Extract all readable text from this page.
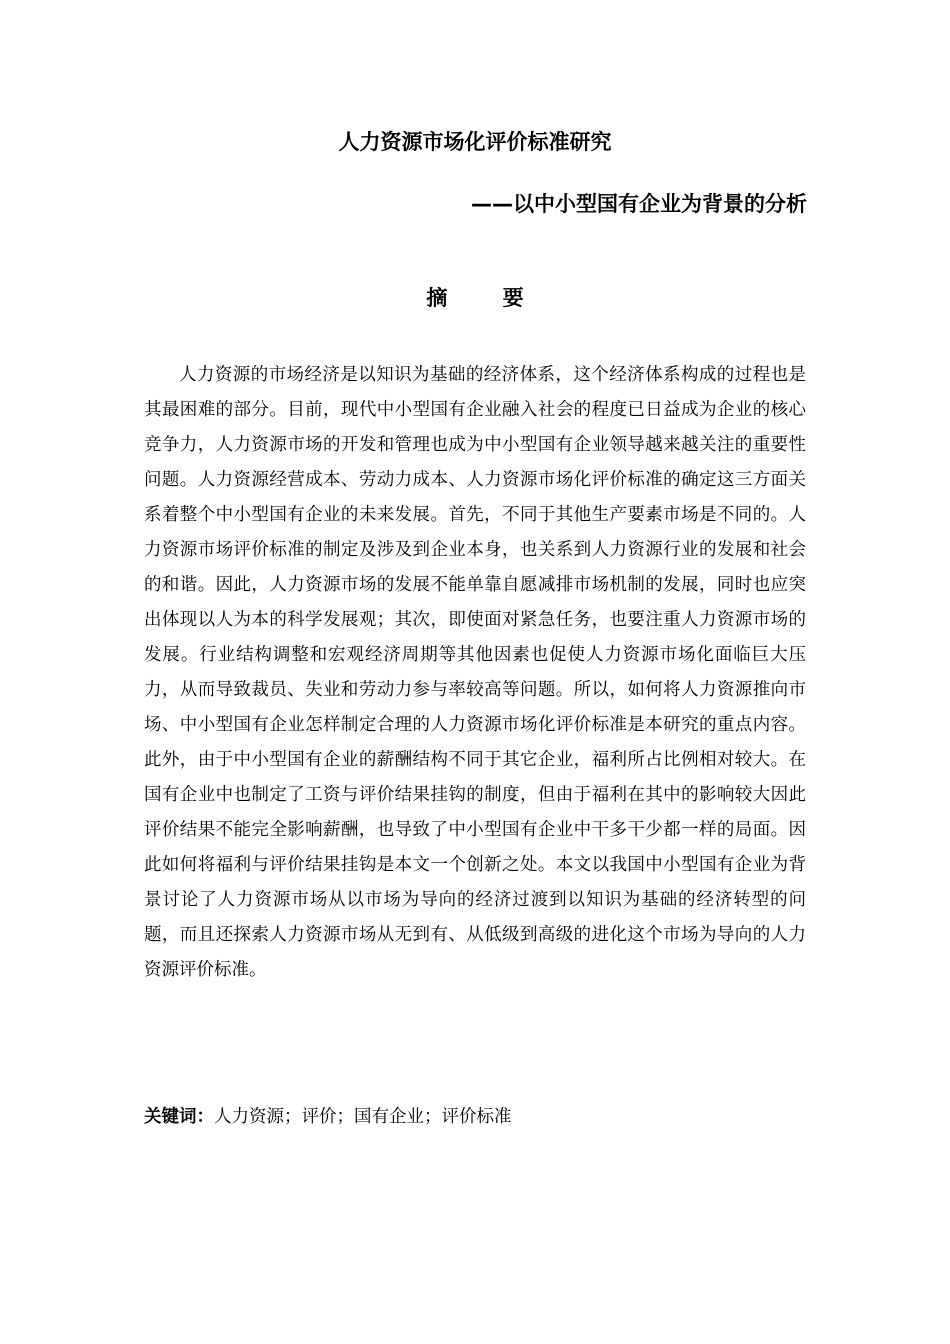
人力资源市场化评价标准研究
——以中小型国有企业为背景的分析
摘 要

人力资源的市场经济是以知识为基础的经济体系，这个经济体系构成的过程也是其最困难的部分。目前，现代中小型国有企业融入社会的程度已日益成为企业的核心竞争力，人力资源市场的开发和管理也成为中小型国有企业领导越来越关注的重要性问题。人力资源经营成本、劳动力成本、人力资源市场化评价标准的确定这三方面关系着整个中小型国有企业的未来发展。首先，不同于其他生产要素市场是不同的。人力资源市场评价标准的制定及涉及到企业本身，也关系到人力资源行业的发展和社会的和谐。因此，人力资源市场的发展不能单靠自愿减排市场机制的发展，同时也应突出体现以人为本的科学发展观；其次，即使面对紧急任务，也要注重人力资源市场的发展。行业结构调整和宏观经济周期等其他因素也促使人力资源市场化面临巨大压力，从而导致裁员、失业和劳动力参与率较高等问题。所以，如何将人力资源推向市场、中小型国有企业怎样制定合理的人力资源市场化评价标准是本研究的重点内容。此外，由于中小型国有企业的薪酬结构不同于其它企业，福利所占比例相对较大。在国有企业中也制定了工资与评价结果挂钩的制度，但由于福利在其中的影响较大因此评价结果不能完全影响薪酬，也导致了中小型国有企业中干多干少都一样的局面。因此如何将福利与评价结果挂钩是本文一个创新之处。本文以我国中小型国有企业为背景讨论了人力资源市场从以市场为导向的经济过渡到以知识为基础的经济转型的问题，而且还探索人力资源市场从无到有、从低级到高级的进化这个市场为导向的人力资源评价标准。

关键词：人力资源；评价；国有企业；评价标准
